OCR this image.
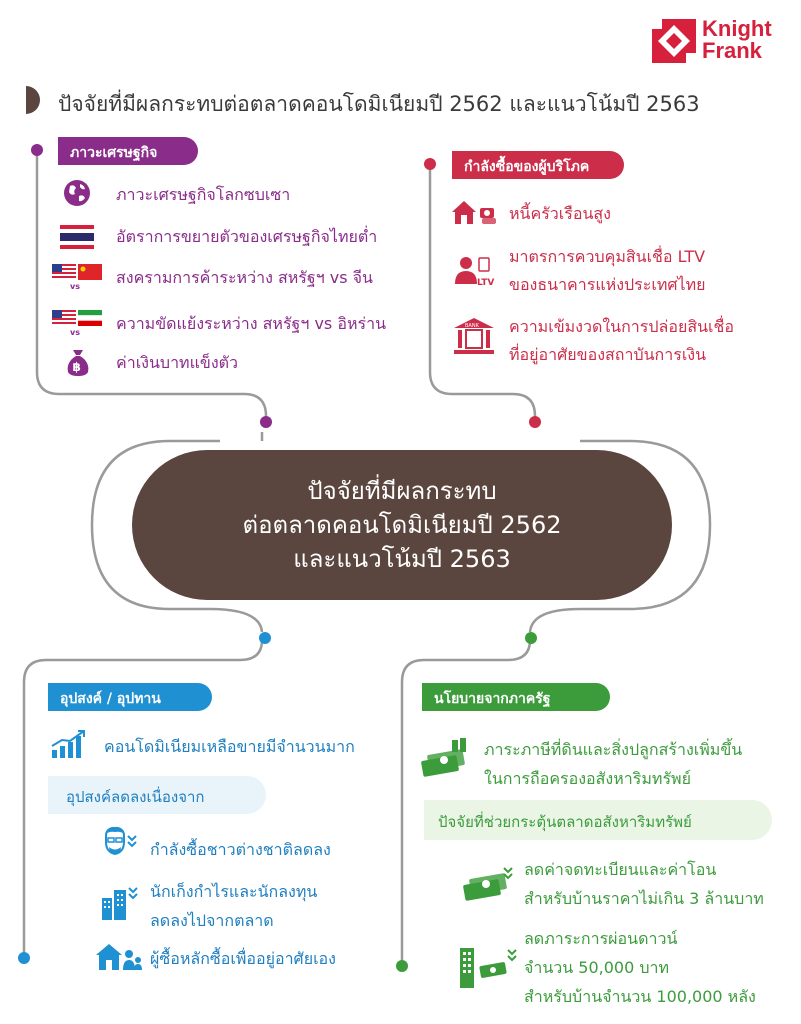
Knight
Frank
ปัจจัยที่มีผลกระทบต่อตลาดคอนโดมิเนียมปี 2562 และแนวโน้มปี 2563
ภาวะเศรษฐกิจ
ภาวะเศรษฐกิจโลกซบเซา
อัตราการขยายตัวของเศรษฐกิจไทยต่ำ
vs สงครามการค้าระหว่าง สหรัฐฯ vs จีน
vs ความขัดแย้งระหว่าง สหรัฐฯ vs อิหร่าน
฿ ค่าเงินบาทแข็งตัว
กำลังซื้อของผู้บริโภค
หนี้ครัวเรือนสูง
LTV
มาตรการควบคุมสินเชื่อ LTV
ของธนาคารแห่งประเทศไทย
BANK ความเข้มงวดในการปล่อยสินเชื่อ
ที่อยู่อาศัยของสถาบันการเงิน
ปัจจัยที่มีผลกระทบ
ต่อตลาดคอนโดมิเนียมปี 2562
และแนวโน้มปี 2563
อุปสงค์ / อุปทาน
คอนโดมิเนียมเหลือขายมีจำนวนมาก
อุปสงค์ลดลงเนื่องจาก
กำลังซื้อชาวต่างชาติลดลง
นักเก็งกำไรและนักลงทุน
ลดลงไปจากตลาด
ผู้ซื้อหลักซื้อเพื่ออยู่อาศัยเอง
นโยบายจากภาครัฐ
ภาระภาษีที่ดินและสิ่งปลูกสร้างเพิ่มขึ้น
ในการถือครองอสังหาริมทรัพย์
ปัจจัยที่ช่วยกระตุ้นตลาดอสังหาริมทรัพย์
ลดค่าจดทะเบียนและค่าโอน
สำหรับบ้านราคาไม่เกิน 3 ล้านบาท
ลดภาระการผ่อนดาวน์
จำนวน 50,000 บาท
สำหรับบ้านจำนวน 100,000 หลัง
